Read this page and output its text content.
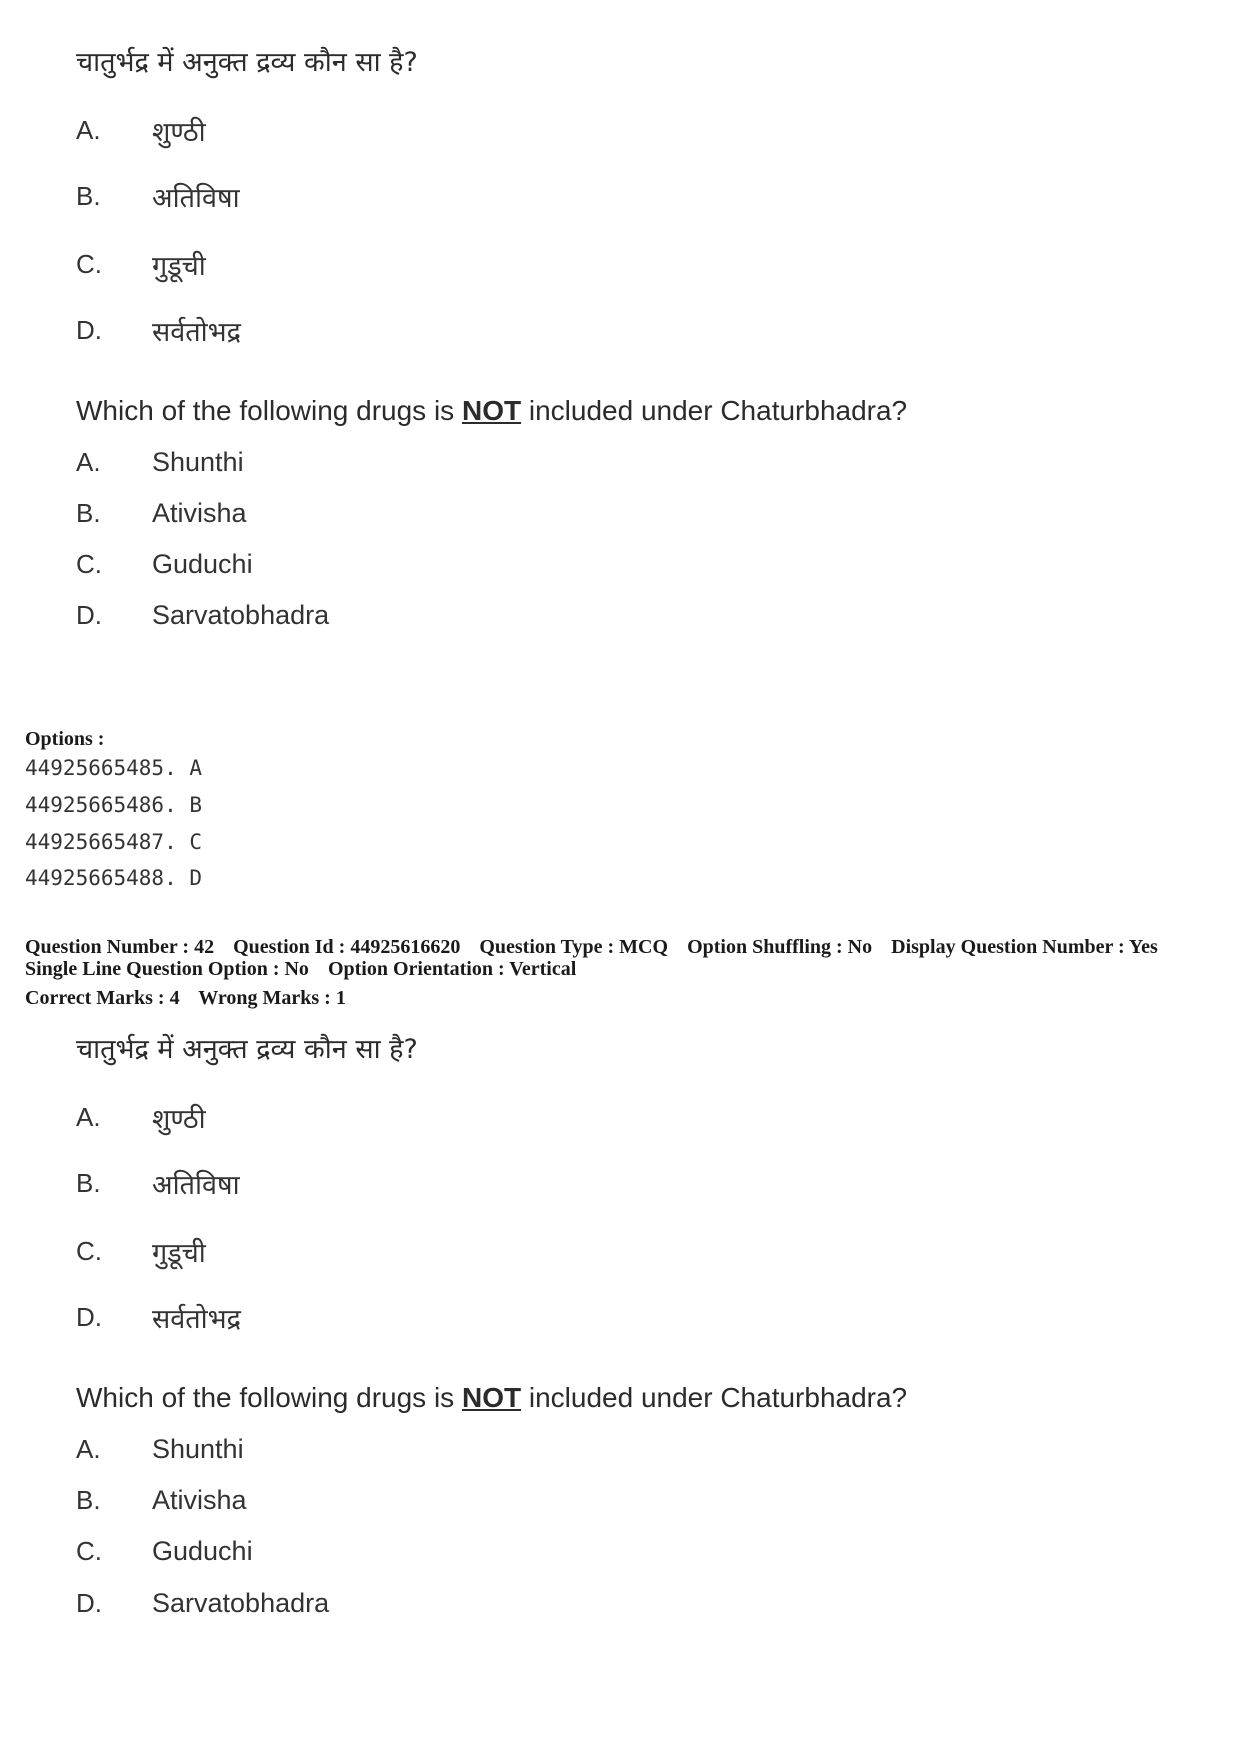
चातुर्भद्र में अनुक्त द्रव्य कौन सा है?

A.	शुण्ठी
B.	अतिविषा
C.	गुडूची
D.	सर्वतोभद्र

Which of the following drugs is NOT included under Chaturbhadra?

A.	Shunthi
B.	Ativisha
C.	Guduchi
D.	Sarvatobhadra
Options :
44925665485. A
44925665486. B
44925665487. C
44925665488. D
Question Number : 42 Question Id : 44925616620 Question Type : MCQ Option Shuffling : No Display Question Number : Yes
Single Line Question Option : No Option Orientation : Vertical
Correct Marks : 4 Wrong Marks : 1

चातुर्भद्र में अनुक्त द्रव्य कौन सा है?

A.	शुण्ठी
B.	अतिविषा
C.	गुडूची
D.	सर्वतोभद्र

Which of the following drugs is NOT included under Chaturbhadra?

A.	Shunthi
B.	Ativisha
C.	Guduchi
D.	Sarvatobhadra
